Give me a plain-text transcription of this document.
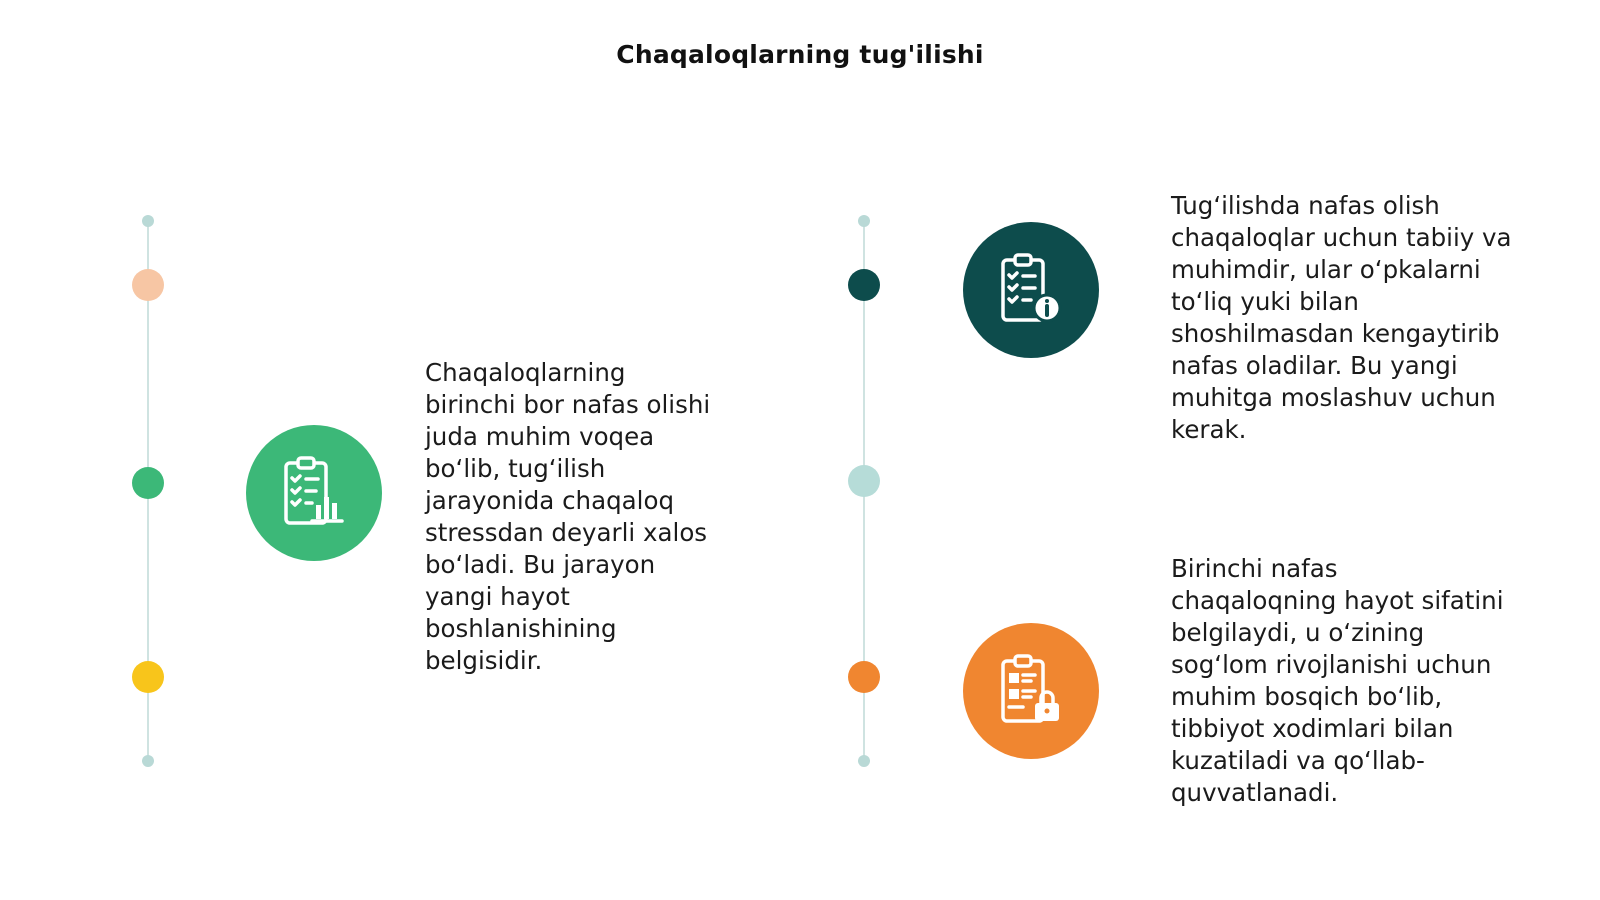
Chaqaloqlarning tug'ilishi
Chaqaloqlarning
birinchi bor nafas olishi
juda muhim voqea
bo‘lib, tug‘ilish
jarayonida chaqaloq
stressdan deyarli xalos
bo‘ladi. Bu jarayon
yangi hayot
boshlanishining
belgisidir.
Tug‘ilishda nafas olish
chaqaloqlar uchun tabiiy va
muhimdir, ular o‘pkalarni
to‘liq yuki bilan
shoshilmasdan kengaytirib
nafas oladilar. Bu yangi
muhitga moslashuv uchun
kerak.
Birinchi nafas
chaqaloqning hayot sifatini
belgilaydi, u o‘zining
sog‘lom rivojlanishi uchun
muhim bosqich bo‘lib,
tibbiyot xodimlari bilan
kuzatiladi va qo‘llab-
quvvatlanadi.
